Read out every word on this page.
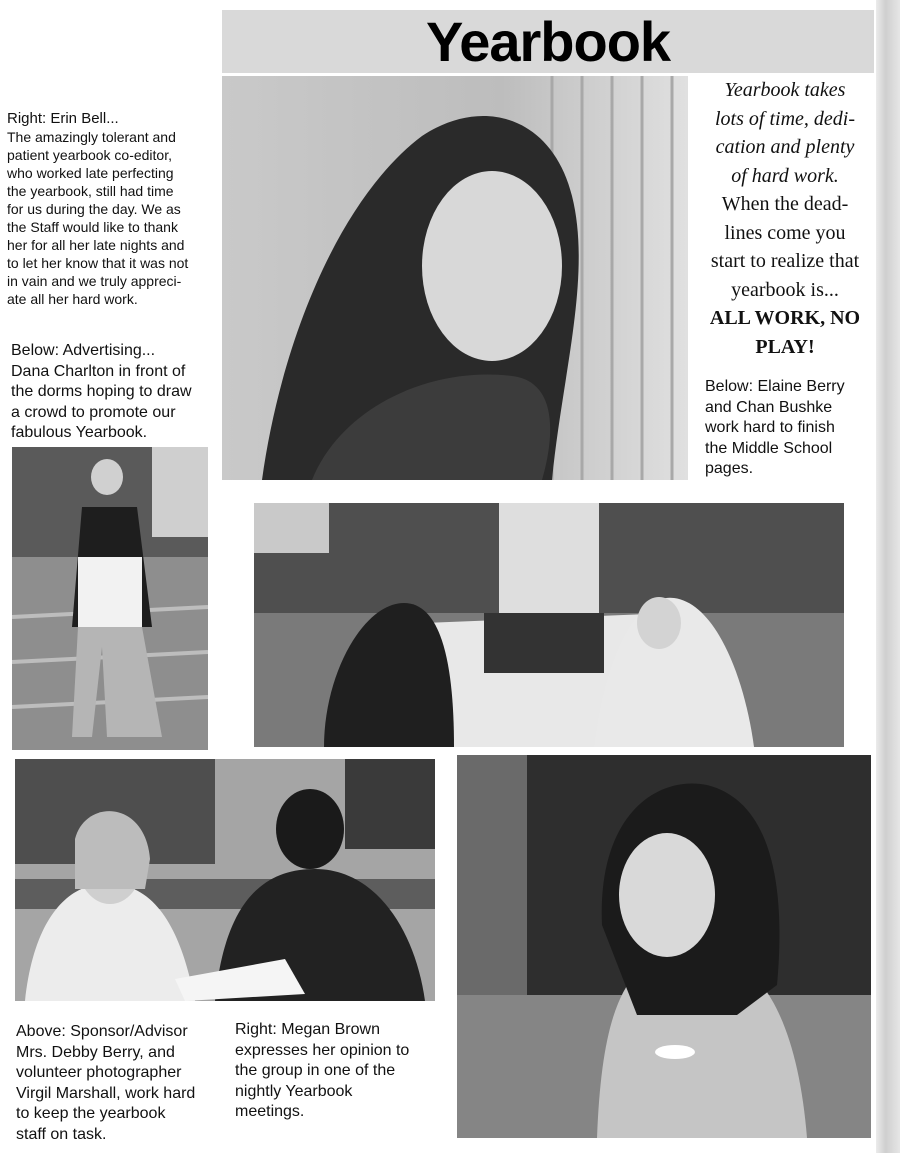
Yearbook
Right: Erin Bell...
The amazingly tolerant and
patient yearbook co-editor,
who worked late perfecting
the yearbook, still had time
for us during the day. We as
the Staff would like to thank
her for all her late nights and
to let her know that it was not
in vain and we truly appreci-
ate all her hard work.
Below: Advertising...
Dana Charlton in front of
the dorms hoping to draw
a crowd to promote our
fabulous Yearbook.
Yearbook takes
lots of time, dedi-
cation and plenty
of hard work.
When the dead-
lines come you
start to realize that
yearbook is...
ALL WORK, NO
PLAY!
Below: Elaine Berry
and Chan Bushke
work hard to finish
the Middle School
pages.
Above: Sponsor/Advisor
Mrs. Debby Berry, and
volunteer photographer
Virgil Marshall, work hard
to keep the yearbook
staff on task.
Right: Megan Brown
expresses her opinion to
the group in one of the
nightly Yearbook
meetings.
